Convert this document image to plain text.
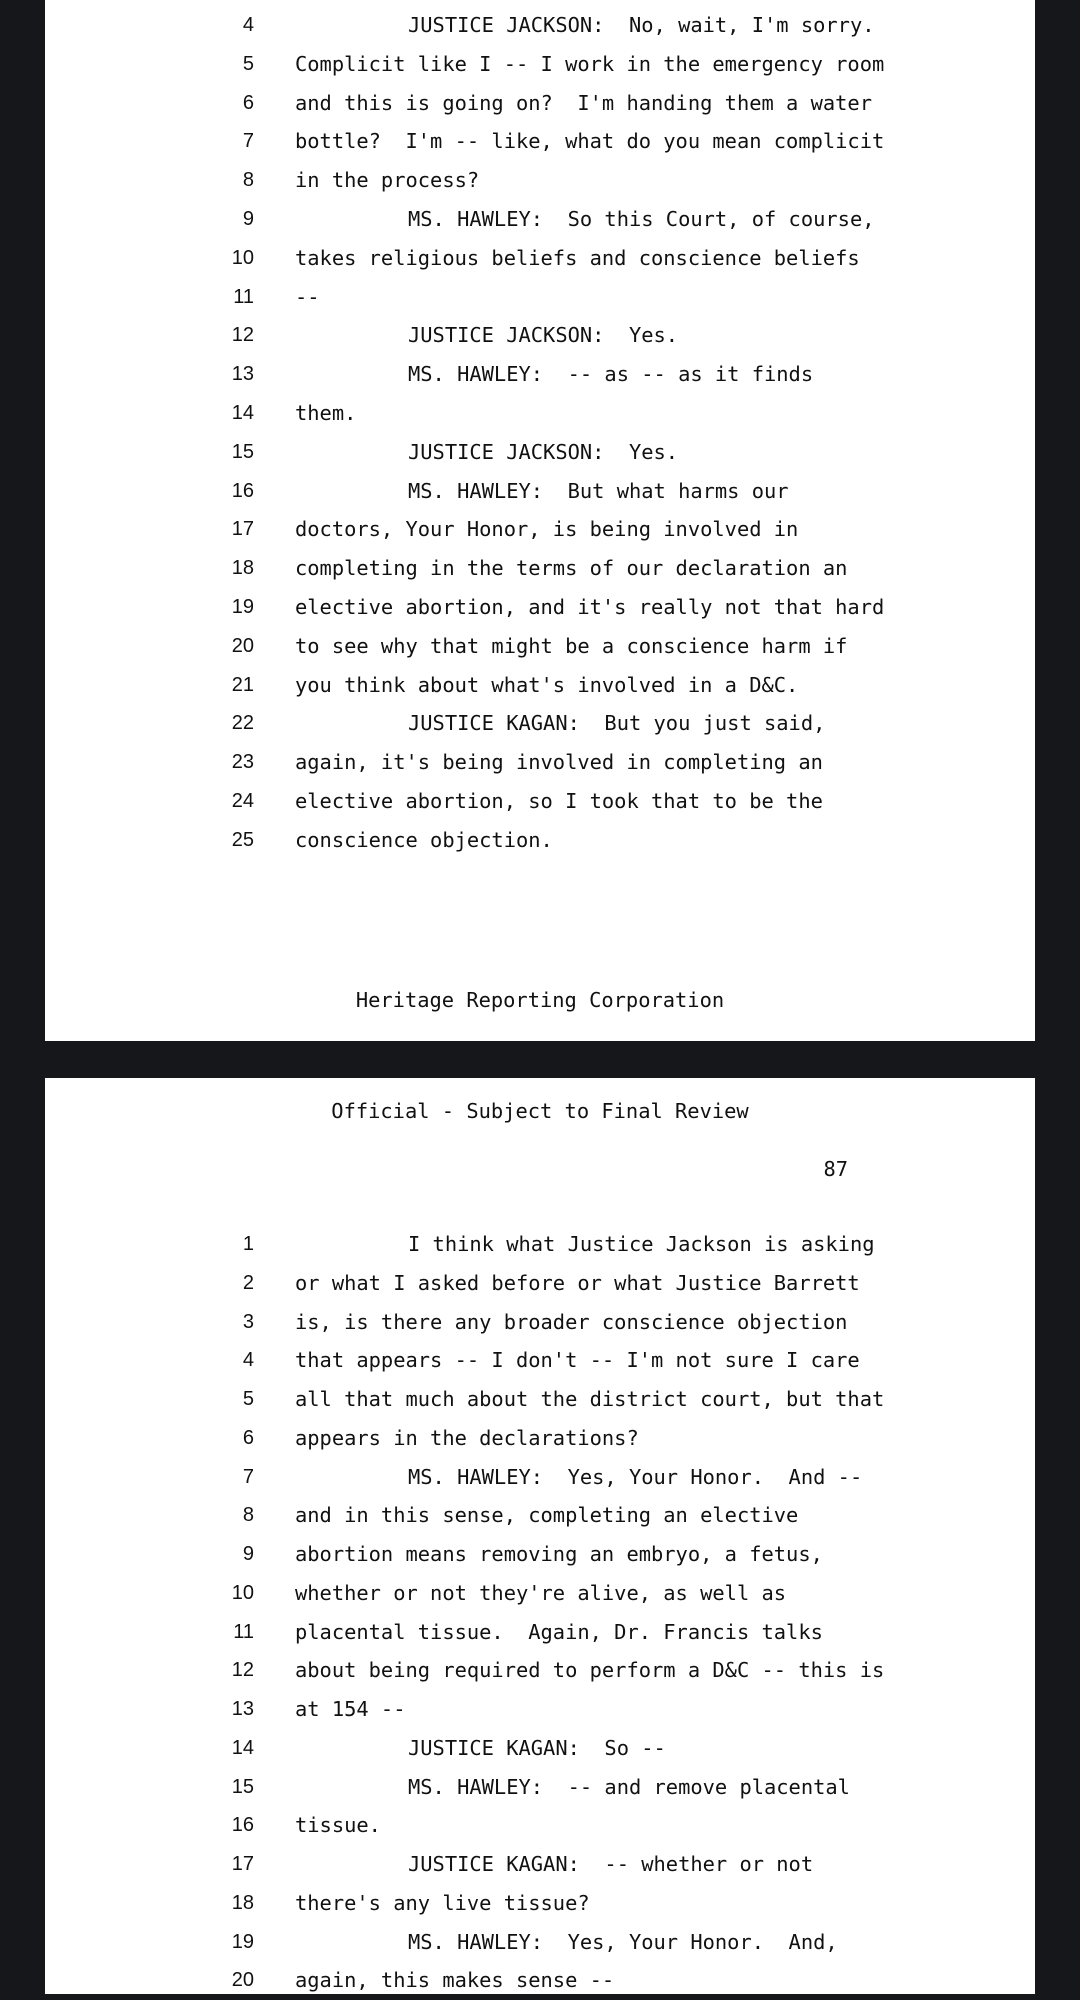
4	JUSTICE JACKSON:  No, wait, I'm sorry.
5 Complicit like I -- I work in the emergency room
6 and this is going on?  I'm handing them a water
7 bottle?  I'm -- like, what do you mean complicit
8 in the process?
9	MS. HAWLEY:  So this Court, of course,
10 takes religious beliefs and conscience beliefs
11 --
12	JUSTICE JACKSON:  Yes.
13	MS. HAWLEY:  -- as -- as it finds
14 them.
15	JUSTICE JACKSON:  Yes.
16	MS. HAWLEY:  But what harms our
17 doctors, Your Honor, is being involved in
18 completing in the terms of our declaration an
19 elective abortion, and it's really not that hard
20 to see why that might be a conscience harm if
21 you think about what's involved in a D&C.
22	JUSTICE KAGAN:  But you just said,
23 again, it's being involved in completing an
24 elective abortion, so I took that to be the
25 conscience objection.
Heritage Reporting Corporation
Official - Subject to Final Review
87
1	I think what Justice Jackson is asking
2 or what I asked before or what Justice Barrett
3 is, is there any broader conscience objection
4 that appears -- I don't -- I'm not sure I care
5 all that much about the district court, but that
6 appears in the declarations?
7	MS. HAWLEY:  Yes, Your Honor.  And --
8 and in this sense, completing an elective
9 abortion means removing an embryo, a fetus,
10 whether or not they're alive, as well as
11 placental tissue.  Again, Dr. Francis talks
12 about being required to perform a D&C -- this is
13 at 154 --
14	JUSTICE KAGAN:  So --
15	MS. HAWLEY:  -- and remove placental
16 tissue.
17	JUSTICE KAGAN:  -- whether or not
18 there's any live tissue?
19	MS. HAWLEY:  Yes, Your Honor.  And,
20 again, this makes sense --
